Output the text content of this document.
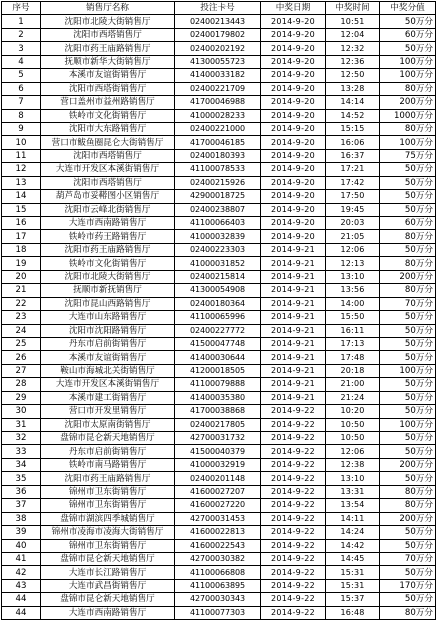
序号	销售厅名称	投注卡号	中奖日期	中奖时间	中奖分值
1	沈阳市北陵大街销售厅	02400213443	2014-9-20	10:51	50万分
2	沈阳市西塔销售厅	02400179802	2014-9-20	12:04	60万分
3	沈阳市药王庙路销售厅	02400202192	2014-9-20	12:32	50万分
4	抚顺市新华大街销售厅	41300055723	2014-9-20	12:36	100万分
5	本溪市友谊街销售厅	41400033182	2014-9-20	12:50	100万分
6	沈阳市西塔街销售厅	02400221709	2014-9-20	13:28	80万分
7	营口盖州市益州路销售厅	41700046988	2014-9-20	14:14	200万分
8	铁岭市文化街销售厅	41000028233	2014-9-20	14:52	1000万分
9	沈阳市大东路销售厅	02400221000	2014-9-20	15:15	80万分
10	营口市鲅鱼圈昆仑大街销售厅	41700046185	2014-9-20	16:06	100万分
11	沈阳市西塔销售厅	02400180393	2014-9-20	16:37	75万分
12	大连市开发区本溪街销售厅	41100078533	2014-9-20	17:21	50万分
13	沈阳市西塔销售厅	02400215926	2014-9-20	17:42	50万分
14	葫芦岛市妥鞯图小区销售厅	42900018725	2014-9-20	17:50	50万分
15	沈阳市云峰北街销售厅	02400238807	2014-9-20	19:45	50万分
16	大连市西南路销售厅	41100066403	2014-9-20	20:03	60万分
17	铁岭市药王路销售厅	41000032839	2014-9-20	21:05	80万分
18	沈阳市药王庙路销售厅	02400223303	2014-9-21	12:06	50万分
19	铁岭市文化街销售厅	41000031852	2014-9-21	12:13	80万分
20	沈阳市北陵大街销售厅	02400215814	2014-9-21	13:10	200万分
21	抚顺市新抚销售厅	41300054908	2014-9-21	13:56	80万分
22	沈阳市昆山西路销售厅	02400180364	2014-9-21	14:00	70万分
23	大连市山东路销售厅	41100065996	2014-9-21	15:50	50万分
24	沈阳市沈阳路销售厅	02400227772	2014-9-21	16:11	50万分
25	丹东市启前街销售厅	41500047748	2014-9-21	17:13	50万分
26	本溪市友谊街销售厅	41400030644	2014-9-21	17:48	50万分
27	鞍山市海城北关街销售厅	41200018505	2014-9-21	20:18	100万分
28	大连市开发区本溪街销售厅	41100079888	2014-9-21	21:00	50万分
29	本溪市建工街销售厅	41400035380	2014-9-21	21:24	50万分
30	营口市开发里销售厅	41700038868	2014-9-22	10:20	50万分
31	沈阳市太原南街销售厅	02400217805	2014-9-22	10:50	100万分
32	盘锦市昆仑新天地销售厅	42700031732	2014-9-22	10:50	50万分
33	丹东市启前街销售厅	41500040379	2014-9-22	12:06	50万分
34	铁岭市南马路销售厅	41000032919	2014-9-22	12:38	200万分
35	沈阳市药王庙路销售厅	02400201148	2014-9-22	13:10	50万分
36	锦州市卫东街销售厅	41600027207	2014-9-22	13:31	80万分
37	锦州市卫东街销售厅	41600027220	2014-9-22	13:54	80万分
38	盘锦市湖滨四季城销售厅	42700031453	2014-9-22	14:11	200万分
39	锦州市凌海市凌海大街销售厅	41600022813	2014-9-22	14:24	50万分
40	锦州市卫东街销售厅	41600022543	2014-9-22	14:42	50万分
41	盘锦市昆仑新天地销售厅	42700030382	2014-9-22	14:45	70万分
42	大连市长江路销售厅	41100066808	2014-9-22	15:31	50万分
43	大连市武昌街销售厅	41100063895	2014-9-22	15:31	170万分
44	盘锦市昆仑新天地销售厅	42700030343	2014-9-22	15:37	50万分
44	大连市西南路销售厅	41100077303	2014-9-22	16:48	80万分
